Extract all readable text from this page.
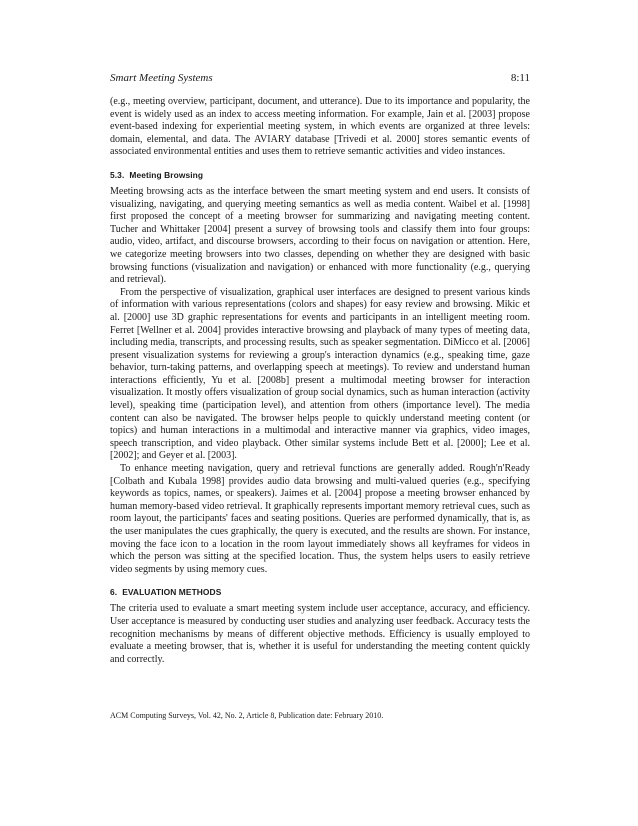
Smart Meeting Systems	8:11

(e.g., meeting overview, participant, document, and utterance). Due to its importance and popularity, the event is widely used as an index to access meeting information. For example, Jain et al. [2003] propose event-based indexing for experiential meeting system, in which events are organized at three levels: domain, elemental, and data. The AVIARY database [Trivedi et al. 2000] stores semantic events of associated environmental entities and uses them to retrieve semantic activities and video instances.

5.3. Meeting Browsing

Meeting browsing acts as the interface between the smart meeting system and end users. It consists of visualizing, navigating, and querying meeting semantics as well as media content. Waibel et al. [1998] first proposed the concept of a meeting browser for summarizing and navigating meeting content. Tucher and Whittaker [2004] present a survey of browsing tools and classify them into four groups: audio, video, artifact, and discourse browsers, according to their focus on navigation or attention. Here, we categorize meeting browsers into two classes, depending on whether they are designed with basic browsing functions (visualization and navigation) or enhanced with more functionality (e.g., querying and retrieval).

From the perspective of visualization, graphical user interfaces are designed to present various kinds of information with various representations (colors and shapes) for easy review and browsing. Mikic et al. [2000] use 3D graphic representations for events and participants in an intelligent meeting room. Ferret [Wellner et al. 2004] provides interactive browsing and playback of many types of meeting data, including media, transcripts, and processing results, such as speaker segmentation. DiMicco et al. [2006] present visualization systems for reviewing a group's interaction dynamics (e.g., speaking time, gaze behavior, turn-taking patterns, and overlapping speech at meetings). To review and understand human interactions efficiently, Yu et al. [2008b] present a multimodal meeting browser for interaction visualization. It mostly offers visualization of group social dynamics, such as human interaction (activity level), speaking time (participation level), and attention from others (importance level). The media content can also be navigated. The browser helps people to quickly understand meeting content (or topics) and human interactions in a multimodal and interactive manner via graphics, video images, speech transcription, and video playback. Other similar systems include Bett et al. [2000]; Lee et al. [2002]; and Geyer et al. [2003].

To enhance meeting navigation, query and retrieval functions are generally added. Rough'n'Ready [Colbath and Kubala 1998] provides audio data browsing and multi-valued queries (e.g., specifying keywords as topics, names, or speakers). Jaimes et al. [2004] propose a meeting browser enhanced by human memory-based video retrieval. It graphically represents important memory retrieval cues, such as room layout, the participants' faces and seating positions. Queries are performed dynamically, that is, as the user manipulates the cues graphically, the query is executed, and the results are shown. For instance, moving the face icon to a location in the room layout immediately shows all keyframes for videos in which the person was sitting at the specified location. Thus, the system helps users to easily retrieve video segments by using memory cues.

6. EVALUATION METHODS

The criteria used to evaluate a smart meeting system include user acceptance, accuracy, and efficiency. User acceptance is measured by conducting user studies and analyzing user feedback. Accuracy tests the recognition mechanisms by means of different objective methods. Efficiency is usually employed to evaluate a meeting browser, that is, whether it is useful for understanding the meeting content quickly and correctly.

ACM Computing Surveys, Vol. 42, No. 2, Article 8, Publication date: February 2010.
